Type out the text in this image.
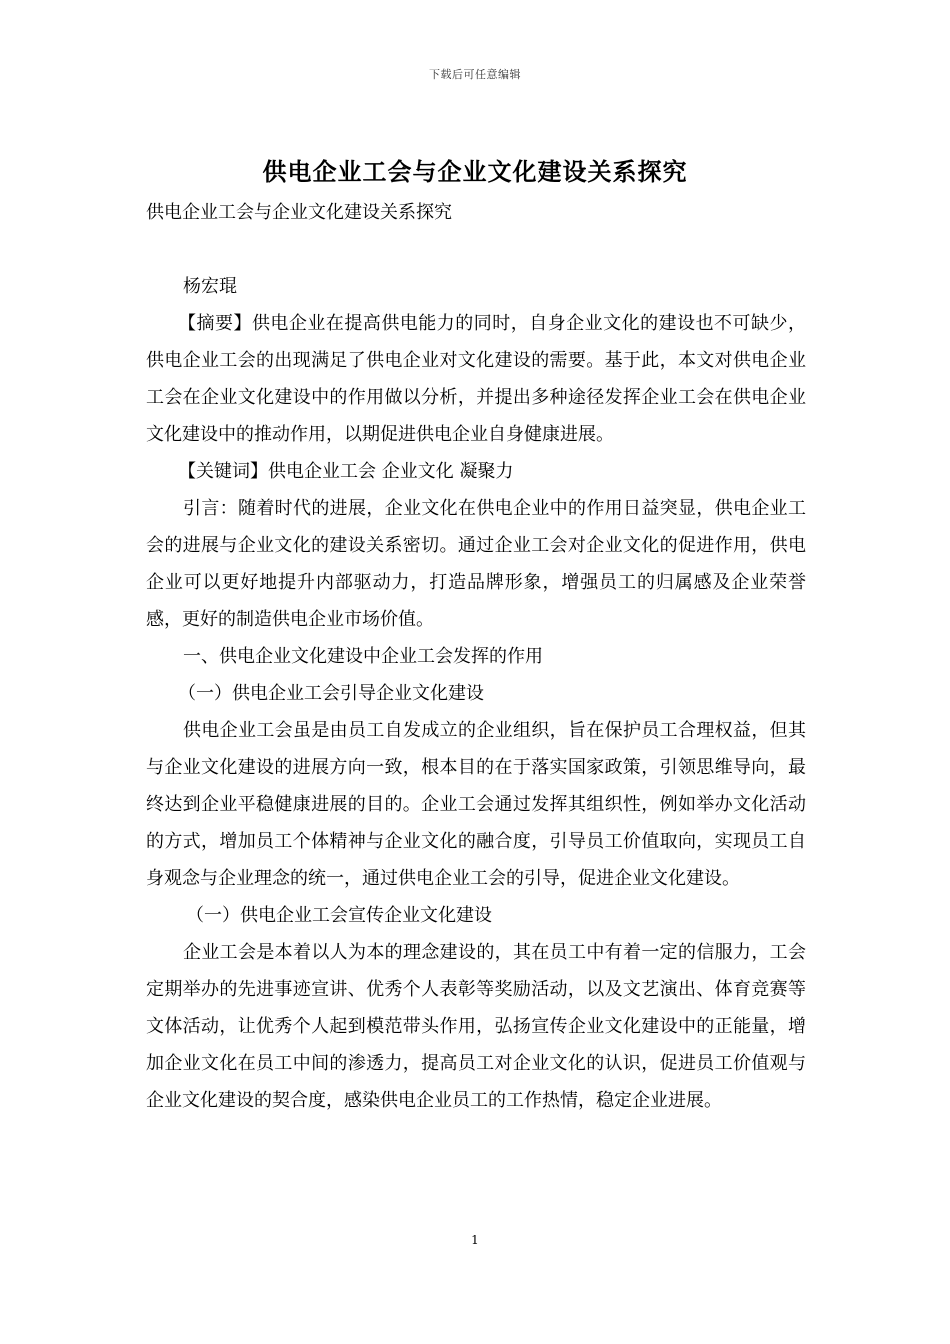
下载后可任意编辑
供电企业工会与企业文化建设关系探究

供电企业工会与企业文化建设关系探究

杨宏琨

【摘要】供电企业在提高供电能力的同时，自身企业文化的建设也不可缺少，供电企业工会的出现满足了供电企业对文化建设的需要。基于此，本文对供电企业工会在企业文化建设中的作用做以分析，并提出多种途径发挥企业工会在供电企业文化建设中的推动作用，以期促进供电企业自身健康进展。

【关键词】供电企业工会 企业文化 凝聚力

引言：随着时代的进展，企业文化在供电企业中的作用日益突显，供电企业工会的进展与企业文化的建设关系密切。通过企业工会对企业文化的促进作用，供电企业可以更好地提升内部驱动力，打造品牌形象，增强员工的归属感及企业荣誉感，更好的制造供电企业市场价值。

一、供电企业文化建设中企业工会发挥的作用

（一）供电企业工会引导企业文化建设

供电企业工会虽是由员工自发成立的企业组织，旨在保护员工合理权益，但其与企业文化建设的进展方向一致，根本目的在于落实国家政策，引领思维导向，最终达到企业平稳健康进展的目的。企业工会通过发挥其组织性，例如举办文化活动的方式，增加员工个体精神与企业文化的融合度，引导员工价值取向，实现员工自身观念与企业理念的统一，通过供电企业工会的引导，促进企业文化建设。

（一）供电企业工会宣传企业文化建设

企业工会是本着以人为本的理念建设的，其在员工中有着一定的信服力，工会定期举办的先进事迹宣讲、优秀个人表彰等奖励活动，以及文艺演出、体育竞赛等文体活动，让优秀个人起到模范带头作用，弘扬宣传企业文化建设中的正能量，增加企业文化在员工中间的渗透力，提高员工对企业文化的认识，促进员工价值观与企业文化建设的契合度，感染供电企业员工的工作热情，稳定企业进展。

1
